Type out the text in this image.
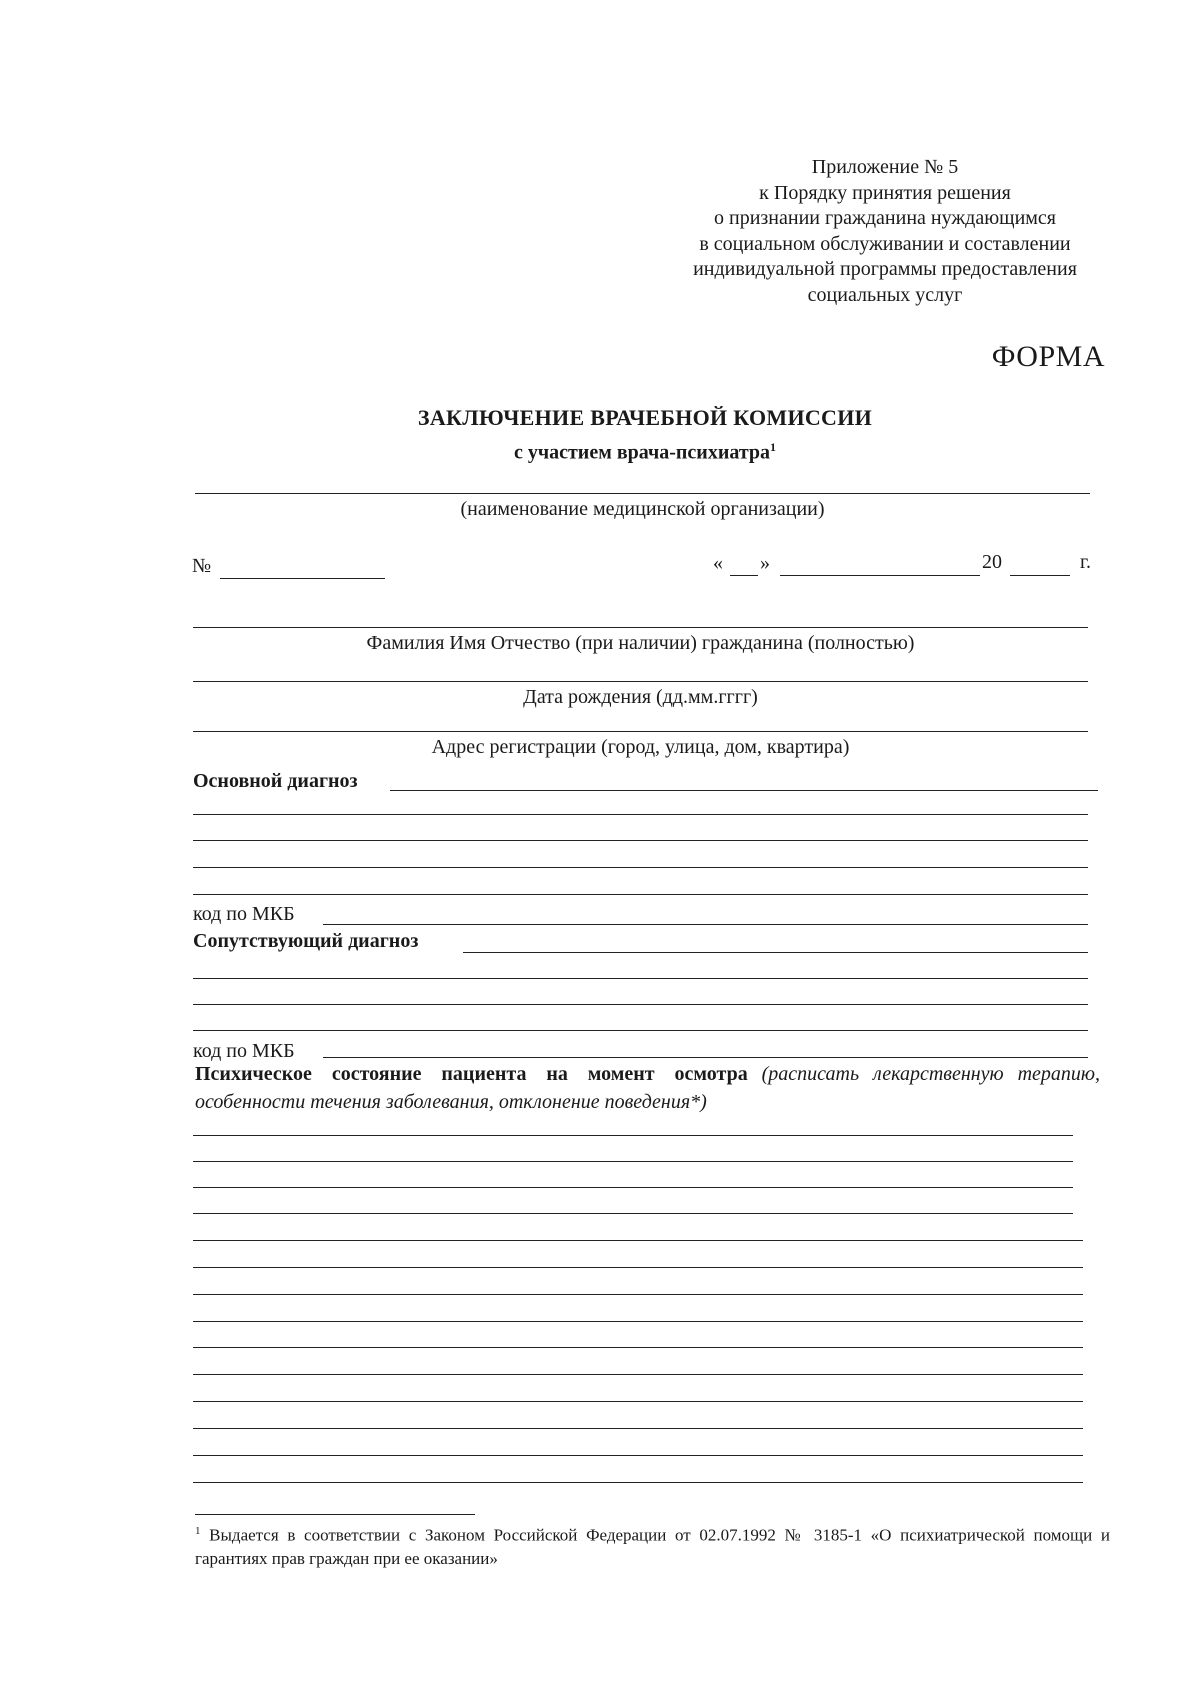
Приложение № 5
к Порядку принятия решения
о признании гражданина нуждающимся
в социальном обслуживании и составлении
индивидуальной программы предоставления
социальных услуг
ФОРМА
ЗАКЛЮЧЕНИЕ ВРАЧЕБНОЙ КОМИССИИ
с участием врача-психиатра$^1$
(наименование медицинской организации)
№	« »	20	г.
Фамилия Имя Отчество (при наличии) гражданина (полностью)
Дата рождения (дд.мм.гггг)
Адрес регистрации (город, улица, дом, квартира)
Основной диагноз
код по МКБ
Сопутствующий диагноз
код по МКБ
Психическое состояние пациента на момент осмотра (расписать лекарственную терапию, особенности течения заболевания, отклонение поведения*)
$^1$ Выдается в соответствии с Законом Российской Федерации от 02.07.1992 № 3185-1 «О психиатрической помощи и гарантиях прав граждан при ее оказании»
